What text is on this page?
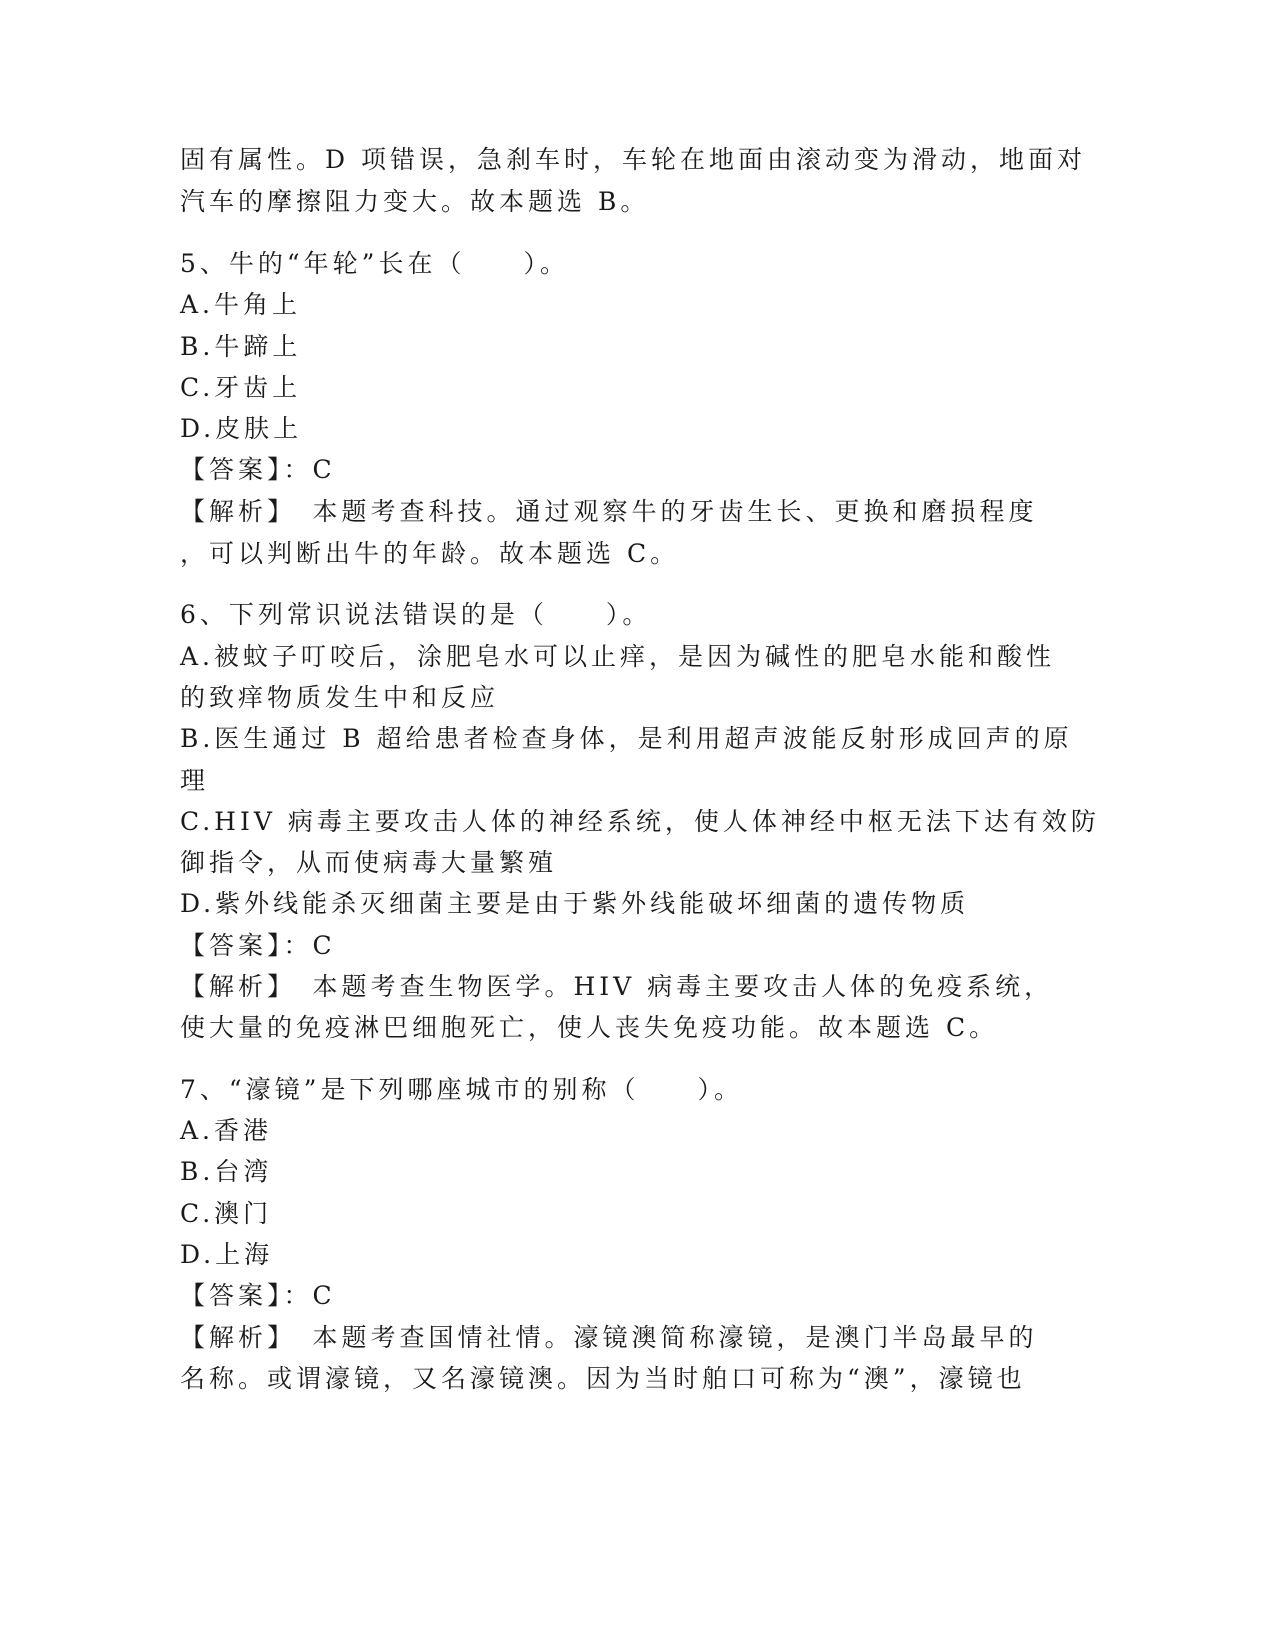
固有属性。D 项错误，急刹车时，车轮在地面由滚动变为滑动，地面对
汽车的摩擦阻力变大。故本题选 B。
5、牛的“年轮”长在（　　）。
A.牛角上
B.牛蹄上
C.牙齿上
D.皮肤上
【答案】：C
【解析】　本题考查科技。通过观察牛的牙齿生长、更换和磨损程度
，可以判断出牛的年龄。故本题选 C。
6、下列常识说法错误的是（　　）。
A.被蚊子叮咬后，涂肥皂水可以止痒，是因为碱性的肥皂水能和酸性
的致痒物质发生中和反应
B.医生通过 B 超给患者检查身体，是利用超声波能反射形成回声的原
理
C.HIV 病毒主要攻击人体的神经系统，使人体神经中枢无法下达有效防
御指令，从而使病毒大量繁殖
D.紫外线能杀灭细菌主要是由于紫外线能破坏细菌的遗传物质
【答案】：C
【解析】　本题考查生物医学。HIV 病毒主要攻击人体的免疫系统，
使大量的免疫淋巴细胞死亡，使人丧失免疫功能。故本题选 C。
7、“濠镜”是下列哪座城市的别称（　　）。
A.香港
B.台湾
C.澳门
D.上海
【答案】：C
【解析】　本题考查国情社情。濠镜澳简称濠镜，是澳门半岛最早的
名称。或谓濠镜，又名濠镜澳。因为当时舶口可称为“澳”，濠镜也
